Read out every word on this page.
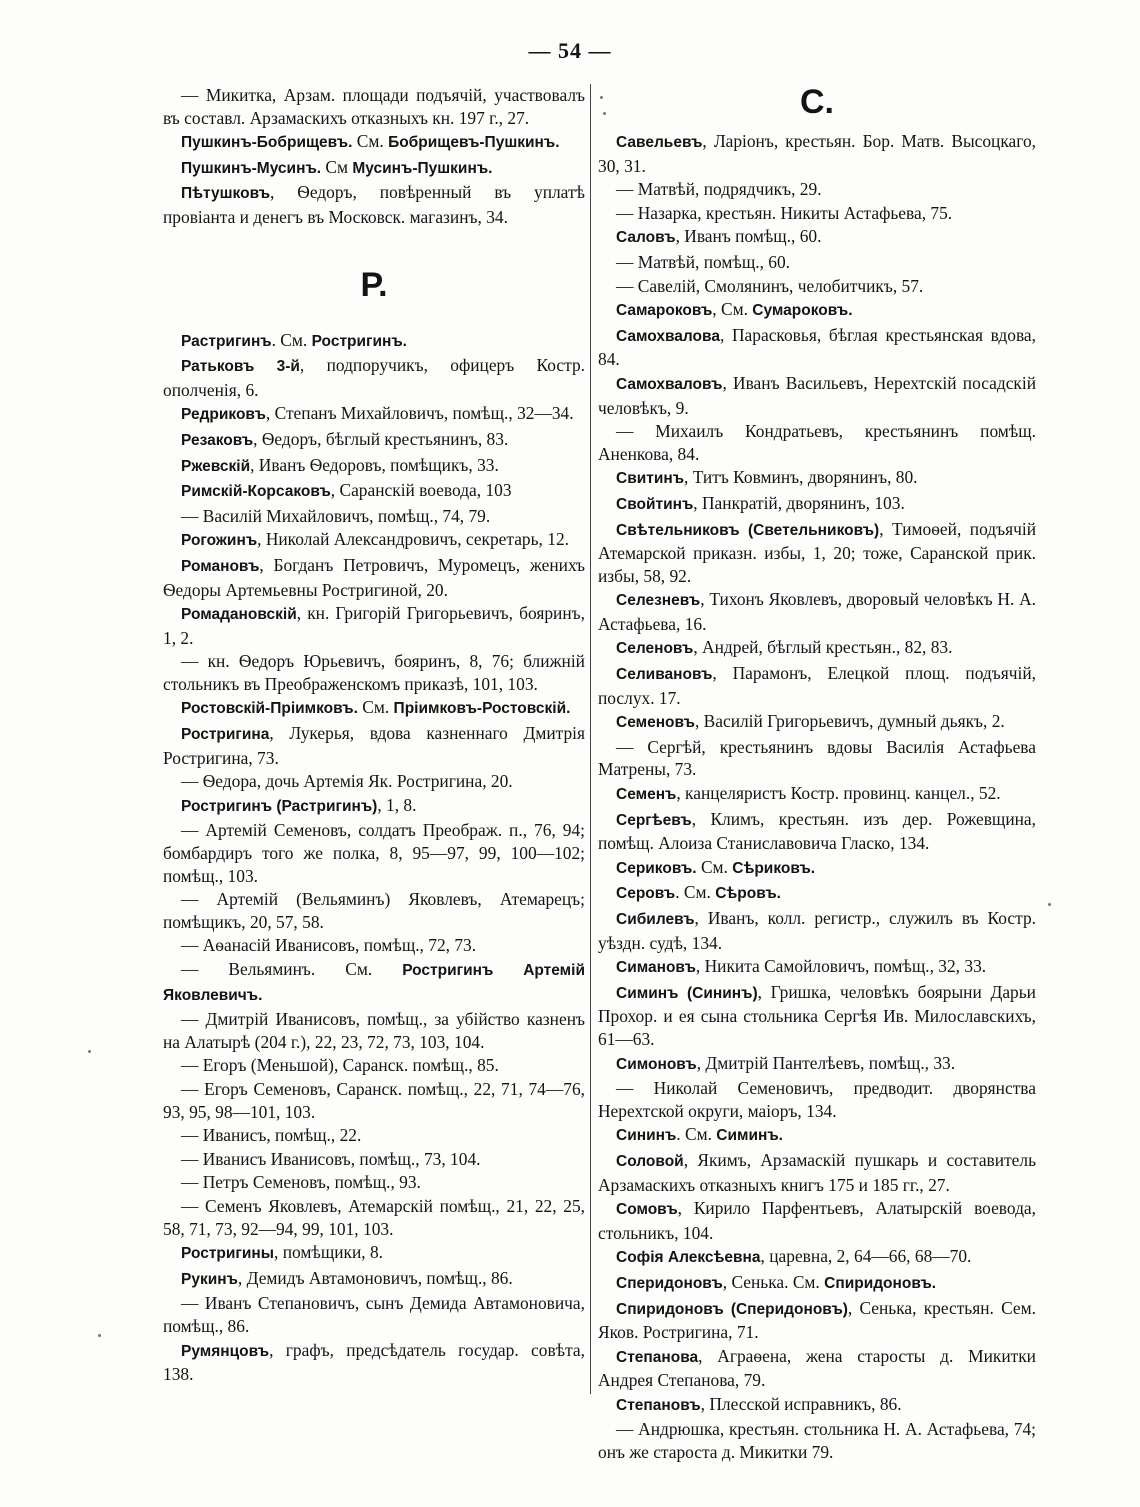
— 54 —
— Микитка, Арзам. площади подъячій, участвовалъ въ составл. Арзамаскихъ отказныхъ кн. 197 г., 27.
Пушкинъ-Бобрищевъ. См. Бобрищевъ-Пушкинъ.
Пушкинъ-Мусинъ. См Мусинъ-Пушкинъ.
Пѣтушковъ, Ѳедоръ, повѣренный въ уплатѣ провіанта и денегъ въ Московск. магазинъ, 34.
Р.
Растригинъ. См. Ростригинъ.
Ратьковъ 3-й, подпоручикъ, офицеръ Костр. ополченія, 6.
Редриковъ, Степанъ Михайловичъ, помѣщ., 32—34.
Резаковъ, Ѳедоръ, бѣглый крестьянинъ, 83.
Ржевскій, Иванъ Ѳедоровъ, помѣщикъ, 33.
Римскій-Корсаковъ, Саранскій воевода, 103
— Василій Михайловичъ, помѣщ., 74, 79.
Рогожинъ, Николай Александровичъ, секретарь, 12.
Романовъ, Богданъ Петровичъ, Муромецъ, женихъ Ѳедоры Артемьевны Ростригиной, 20.
Ромадановскій, кн. Григорій Григорьевичъ, бояринъ, 1, 2.
— кн. Ѳедоръ Юрьевичъ, бояринъ, 8, 76; ближній стольникъ въ Преображенскомъ приказѣ, 101, 103.
Ростовскій-Пріимковъ. См. Пріимковъ-Ростовскій.
Ростригина, Лукерья, вдова казненнаго Дмитрія Ростригина, 73.
— Ѳедора, дочь Артемія Як. Ростригина, 20.
Ростригинъ (Растригинъ), 1, 8.
— Артемій Семеновъ, солдатъ Преображ. п., 76, 94; бомбардиръ того же полка, 8, 95—97, 99, 100—102; помѣщ., 103.
— Артемій (Вельяминъ) Яковлевъ, Атемарецъ; помѣщикъ, 20, 57, 58.
— Аѳанасій Иванисовъ, помѣщ., 72, 73.
— Вельяминъ. См. Ростригинъ Артемій Яковлевичъ.
— Дмитрій Иванисовъ, помѣщ., за убійство казненъ на Алатырѣ (204 г.), 22, 23, 72, 73, 103, 104.
— Егоръ (Меньшой), Саранск. помѣщ., 85.
— Егоръ Семеновъ, Саранск. помѣщ., 22, 71, 74—76, 93, 95, 98—101, 103.
— Иванисъ, помѣщ., 22.
— Иванисъ Иванисовъ, помѣщ., 73, 104.
— Петръ Семеновъ, помѣщ., 93.
— Семенъ Яковлевъ, Атемарскій помѣщ., 21, 22, 25, 58, 71, 73, 92—94, 99, 101, 103.
Ростригины, помѣщики, 8.
Рукинъ, Демидъ Автамоновичъ, помѣщ., 86.
— Иванъ Степановичъ, сынъ Демида Автамоновича, помѣщ., 86.
Румянцовъ, графъ, предсѣдатель государ. совѣта, 138.
С.
Савельевъ, Ларіонъ, крестьян. Бор. Матв. Высоцкаго, 30, 31.
— Матвѣй, подрядчикъ, 29.
— Назарка, крестьян. Никиты Астафьева, 75.
Саловъ, Иванъ помѣщ., 60.
— Матвѣй, помѣщ., 60.
— Савелій, Смолянинъ, челобитчикъ, 57.
Самароковъ, См. Сумароковъ.
Самохвалова, Парасковья, бѣглая крестьянская вдова, 84.
Самохваловъ, Иванъ Васильевъ, Нерехтскій посадскій человѣкъ, 9.
— Михаилъ Кондратьевъ, крестьянинъ помѣщ. Аненкова, 84.
Свитинъ, Титъ Ковминъ, дворянинъ, 80.
Свойтинъ, Панкратій, дворянинъ, 103.
Свѣтельниковъ (Светельниковъ), Тимоѳей, подъячій Атемарской приказн. избы, 1, 20; тоже, Саранской прик. избы, 58, 92.
Селезневъ, Тихонъ Яковлевъ, дворовый человѣкъ Н. А. Астафьева, 16.
Селеновъ, Андрей, бѣглый крестьян., 82, 83.
Селивановъ, Парамонъ, Елецкой площ. подъячій, послух. 17.
Семеновъ, Василій Григорьевичъ, думный дьякъ, 2.
— Сергѣй, крестьянинъ вдовы Василія Астафьева Матрены, 73.
Семенъ, канцеляристъ Костр. провинц. канцел., 52.
Сергѣевъ, Климъ, крестьян. изъ дер. Рожевщина, помѣщ. Алоиза Станиславовича Гласко, 134.
Сериковъ. См. Сѣриковъ.
Серовъ. См. Сѣровъ.
Сибилевъ, Иванъ, колл. регистр., служилъ въ Костр. уѣздн. судѣ, 134.
Симановъ, Никита Самойловичъ, помѣщ., 32, 33.
Симинъ (Сининъ), Гришка, человѣкъ боярыни Дарьи Прохор. и ея сына стольника Сергѣя Ив. Милославскихъ, 61—63.
Симоновъ, Дмитрій Пантелѣевъ, помѣщ., 33.
— Николай Семеновичъ, предводит. дворянства Нерехтской округи, маіоръ, 134.
Сининъ. См. Симинъ.
Соловой, Якимъ, Арзамаскій пушкарь и составитель Арзамаскихъ отказныхъ книгъ 175 и 185 гг., 27.
Сомовъ, Кирило Парфентьевъ, Алатырскій воевода, стольникъ, 104.
Софія Алексѣевна, царевна, 2, 64—66, 68—70.
Сперидоновъ, Сенька. См. Спиридоновъ.
Спиридоновъ (Сперидоновъ), Сенька, крестьян. Сем. Яков. Ростригина, 71.
Степанова, Аграѳена, жена старосты д. Микитки Андрея Степанова, 79.
Степановъ, Плесской исправникъ, 86.
— Андрюшка, крестьян. стольника Н. А. Астафьева, 74; онъ же староста д. Микитки 79.
